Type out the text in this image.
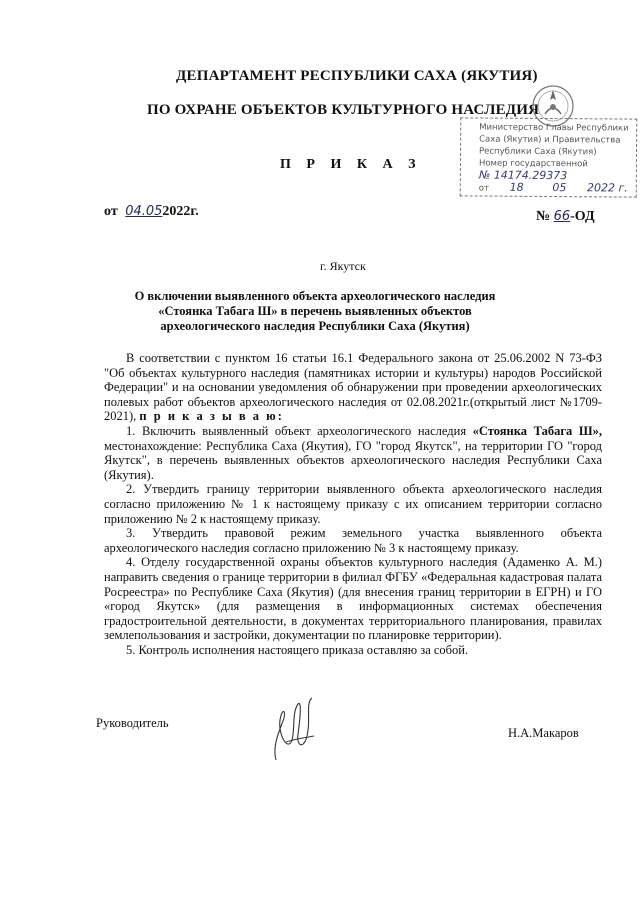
ДЕПАРТАМЕНТ РЕСПУБЛИКИ САХА (ЯКУТИЯ)
ПО ОХРАНЕ ОБЪЕКТОВ КУЛЬТУРНОГО НАСЛЕДИЯ
Министерство Главы Республики
Саха (Якутия) и Правительства
Республики Саха (Якутия)
Номер государственной
№ 14174.29373
от 18	05 2022 г.
П Р И К А З
от 04.052022г.	№ 66-ОД
г. Якутск
О включении выявленного объекта археологического наследия «Стоянка Табага Ш» в перечень выявленных объектов археологического наследия Республики Саха (Якутия)

В соответствии с пунктом 16 статьи 16.1 Федерального закона от 25.06.2002 N 73-ФЗ "Об объектах культурного наследия (памятниках истории и культуры) народов Российской Федерации" и на основании уведомления об обнаружении при проведении археологических полевых работ объектов археологического наследия от 02.08.2021г.(открытый лист №1709-2021), п р и к а з ы в а ю:

1. Включить выявленный объект археологического наследия «Стоянка Табага Ш», местонахождение: Республика Саха (Якутия), ГО "город Якутск", на территории ГО "город Якутск", в перечень выявленных объектов археологического наследия Республики Саха (Якутия).

2. Утвердить границу территории выявленного объекта археологического наследия согласно приложению № 1 к настоящему приказу с их описанием территории согласно приложению № 2 к настоящему приказу.

3. Утвердить правовой режим земельного участка выявленного объекта археологического наследия согласно приложению № 3 к настоящему приказу.

4. Отделу государственной охраны объектов культурного наследия (Адаменко А. М.) направить сведения о границе территории в филиал ФГБУ «Федеральная кадастровая палата Росреестра» по Республике Саха (Якутия) (для внесения границ территории в ЕГРН) и ГО «город Якутск» (для размещения в информационных системах обеспечения градостроительной деятельности, в документах территориального планирования, правилах землепользования и застройки, документации по планировке территории).

5. Контроль исполнения настоящего приказа оставляю за собой.

Руководитель
Н.А.Макаров
